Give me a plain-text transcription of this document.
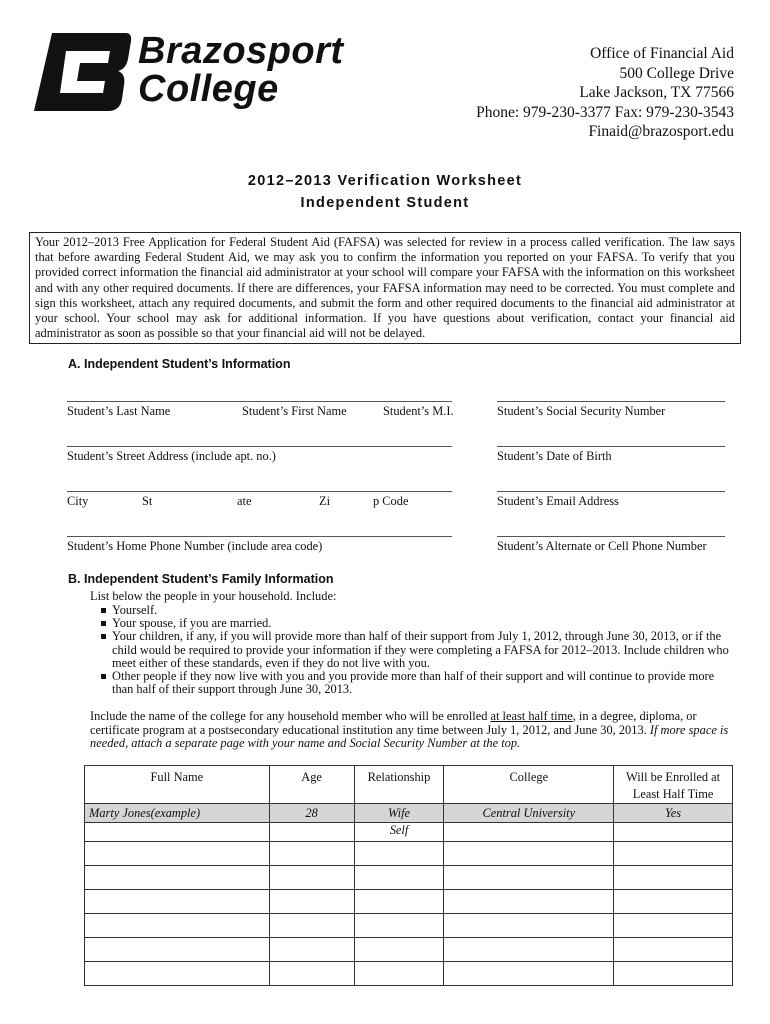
Brazosport
College
Office of Financial Aid
500 College Drive
Lake Jackson, TX 77566
Phone: 979-230-3377 Fax: 979-230-3543
Finaid@brazosport.edu
2012–2013 Verification Worksheet
Independent Student
Your 2012–2013 Free Application for Federal Student Aid (FAFSA) was selected for review in a process called verification. The law says that before awarding Federal Student Aid, we may ask you to confirm the information you reported on your FAFSA. To verify that you provided correct information the financial aid administrator at your school will compare your FAFSA with the information on this worksheet and with any other required documents. If there are differences, your FAFSA information may need to be corrected. You must complete and sign this worksheet, attach any required documents, and submit the form and other required documents to the financial aid administrator at your school. Your school may ask for additional information. If you have questions about verification, contact your financial aid administrator as soon as possible so that your financial aid will not be delayed.
A. Independent Student’s Information
Student’s Last Name	Student’s First Name	Student’s M.I.	Student’s Social Security Number
Student’s Street Address (include apt. no.)	Student’s Date of Birth
City	St	ate	Zi	p Code	Student’s Email Address
Student’s Home Phone Number (include area code)	Student’s Alternate or Cell Phone Number
B. Independent Student’s Family Information
List below the people in your household. Include:
Yourself.
Your spouse, if you are married.
Your children, if any, if you will provide more than half of their support from July 1, 2012, through June 30, 2013, or if the child would be required to provide your information if they were completing a FAFSA for 2012–2013. Include children who meet either of these standards, even if they do not live with you.
Other people if they now live with you and you provide more than half of their support and will continue to provide more than half of their support through June 30, 2013.
Include the name of the college for any household member who will be enrolled at least half time, in a degree, diploma, or certificate program at a postsecondary educational institution any time between July 1, 2012, and June 30, 2013. If more space is needed, attach a separate page with your name and Social Security Number at the top.
Full Name	Age	Relationship	College	Will be Enrolled at Least Half Time
Marty Jones(example)	28	Wife	Central University	Yes
		Self		
